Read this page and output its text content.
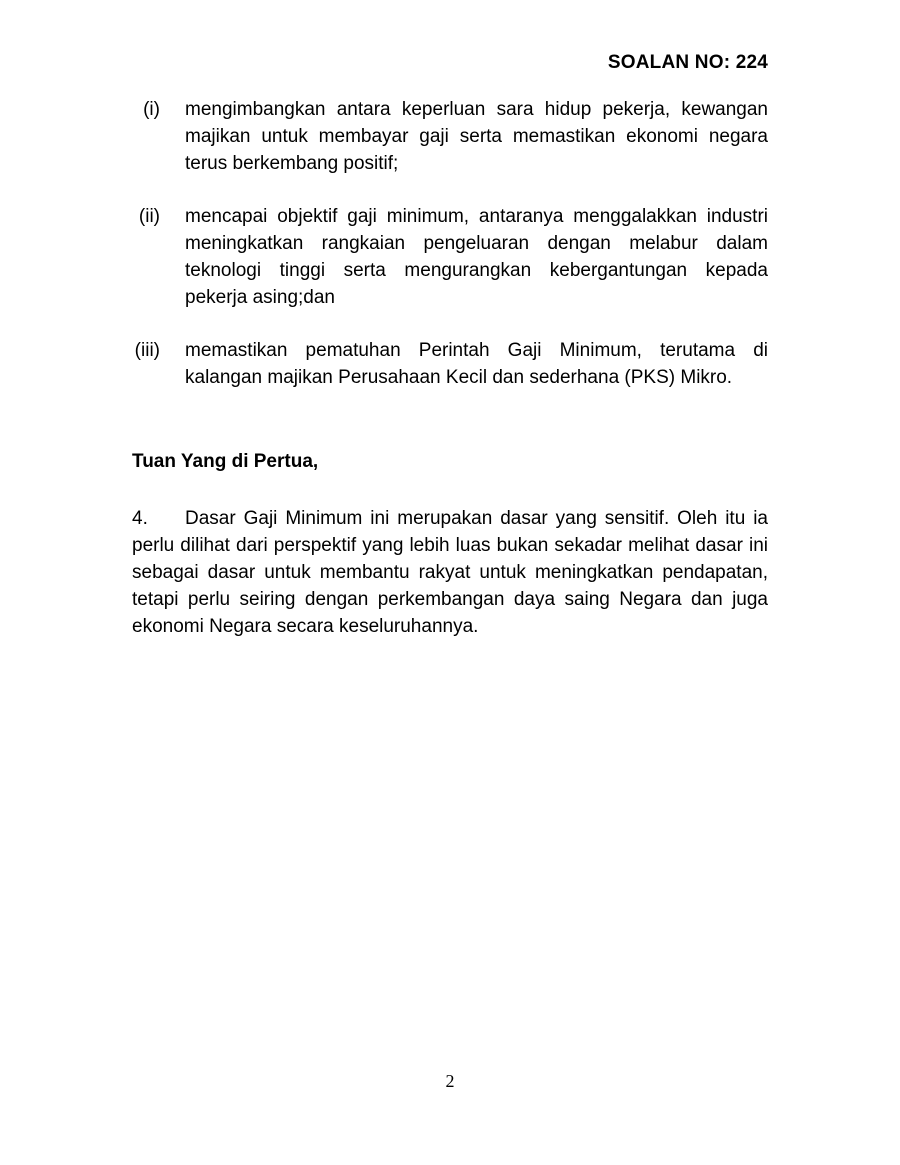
SOALAN NO: 224
(i) mengimbangkan antara keperluan sara hidup pekerja, kewangan majikan untuk membayar gaji serta memastikan ekonomi negara terus berkembang positif;
(ii) mencapai objektif gaji minimum, antaranya menggalakkan industri meningkatkan rangkaian pengeluaran dengan melabur dalam teknologi tinggi serta mengurangkan kebergantungan kepada pekerja asing;dan
(iii) memastikan pematuhan Perintah Gaji Minimum, terutama di kalangan majikan Perusahaan Kecil dan sederhana (PKS) Mikro.
Tuan Yang di Pertua,
4. Dasar Gaji Minimum ini merupakan dasar yang sensitif. Oleh itu ia perlu dilihat dari perspektif yang lebih luas bukan sekadar melihat dasar ini sebagai dasar untuk membantu rakyat untuk meningkatkan pendapatan, tetapi perlu seiring dengan perkembangan daya saing Negara dan juga ekonomi Negara secara keseluruhannya.
2
